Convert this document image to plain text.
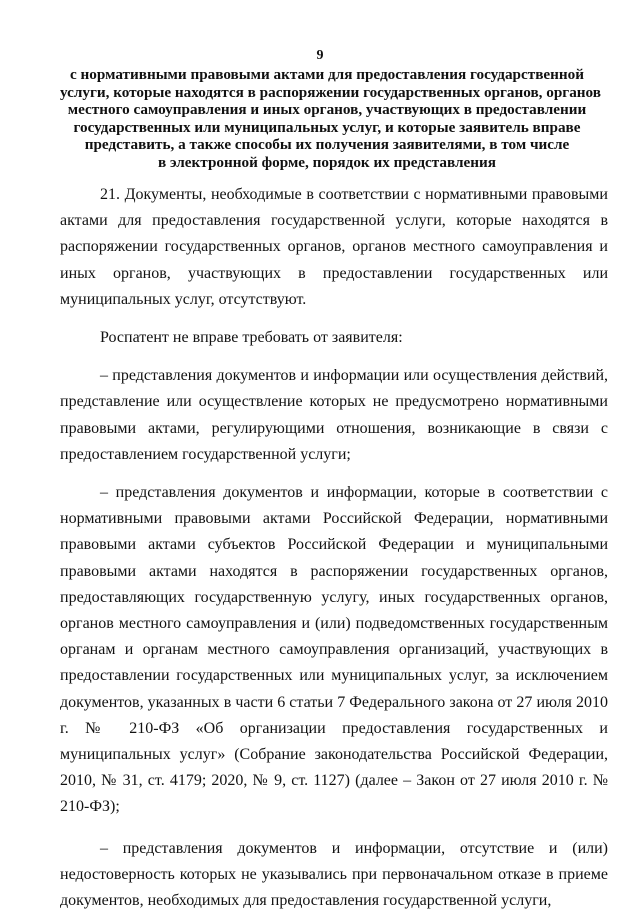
9
с нормативными правовыми актами для предоставления государственной
услуги, которые находятся в распоряжении государственных органов, органов
местного самоуправления и иных органов, участвующих в предоставлении
государственных или муниципальных услуг, и которые заявитель вправе
представить, а также способы их получения заявителями, в том числе
в электронной форме, порядок их представления

21. Документы, необходимые в соответствии с нормативными правовыми актами для предоставления государственной услуги, которые находятся в распоряжении государственных органов, органов местного самоуправления и иных органов, участвующих в предоставлении государственных или муниципальных услуг, отсутствуют.

Роспатент не вправе требовать от заявителя:

– представления документов и информации или осуществления действий, представление или осуществление которых не предусмотрено нормативными правовыми актами, регулирующими отношения, возникающие в связи с предоставлением государственной услуги;

– представления документов и информации, которые в соответствии с нормативными правовыми актами Российской Федерации, нормативными правовыми актами субъектов Российской Федерации и муниципальными правовыми актами находятся в распоряжении государственных органов, предоставляющих государственную услугу, иных государственных органов, органов местного самоуправления и (или) подведомственных государственным органам и органам местного самоуправления организаций, участвующих в предоставлении государственных или муниципальных услуг, за исключением документов, указанных в части 6 статьи 7 Федерального закона от 27 июля 2010 г. № 210-ФЗ «Об организации предоставления государственных и муниципальных услуг» (Собрание законодательства Российской Федерации, 2010, № 31, ст. 4179; 2020, № 9, ст. 1127) (далее – Закон от 27 июля 2010 г. № 210-ФЗ);

– представления документов и информации, отсутствие и (или) недостоверность которых не указывались при первоначальном отказе в приеме документов, необходимых для предоставления государственной услуги,
